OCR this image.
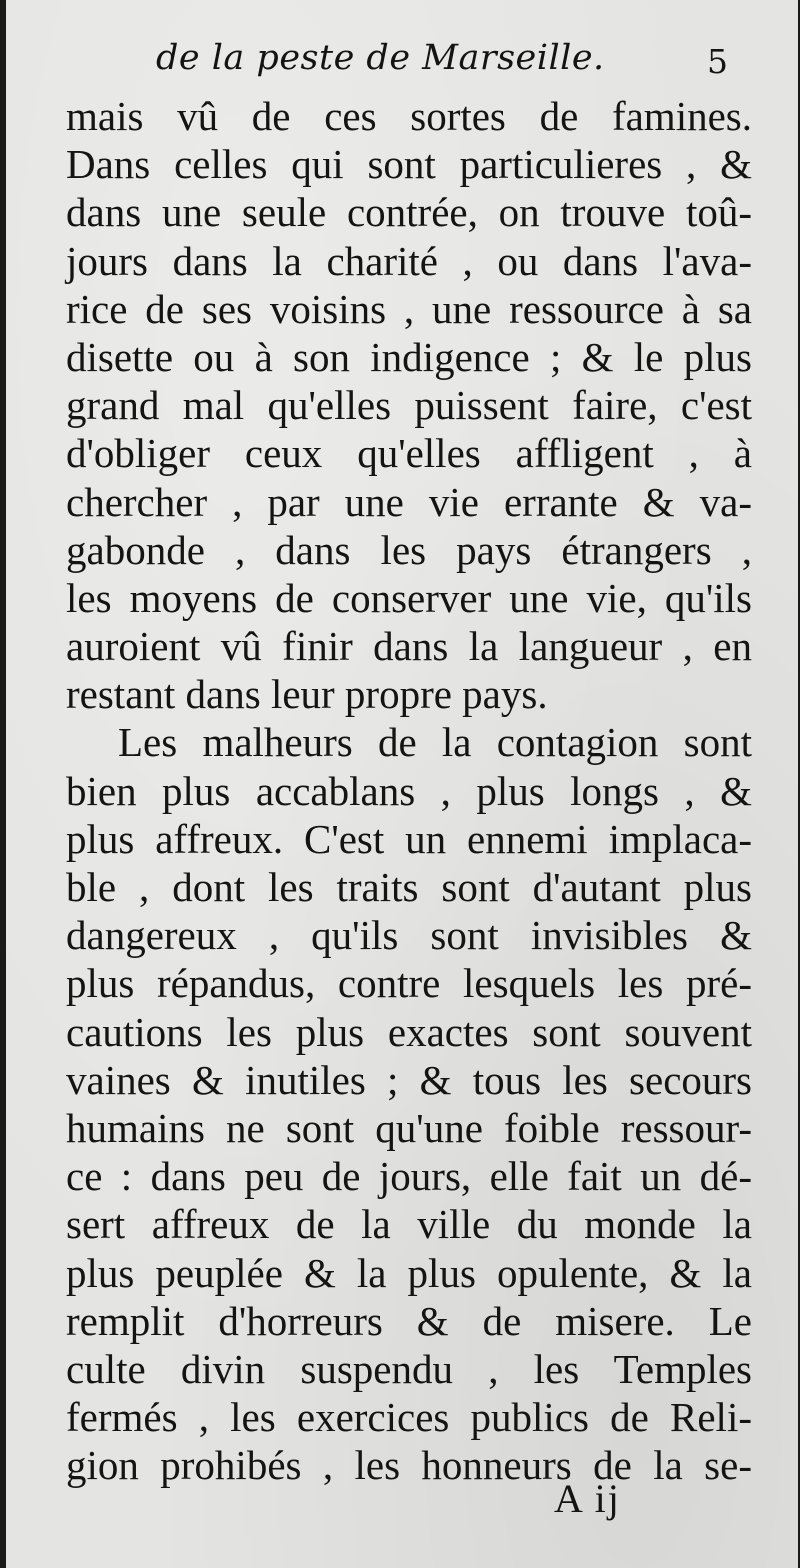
de la peste de Marseille.	5
mais vû de ces sortes de famines.
Dans celles qui sont particulieres , &
dans une seule contrée, on trouve toû-
jours dans la charité , ou dans l'ava-
rice de ses voisins , une ressource à sa
disette ou à son indigence ; & le plus
grand mal qu'elles puissent faire, c'est
d'obliger ceux qu'elles affligent , à
chercher , par une vie errante & va-
gabonde , dans les pays étrangers ,
les moyens de conserver une vie, qu'ils
auroient vû finir dans la langueur , en
restant dans leur propre pays.
Les malheurs de la contagion sont
bien plus accablans , plus longs , &
plus affreux. C'est un ennemi implaca-
ble , dont les traits sont d'autant plus
dangereux , qu'ils sont invisibles &
plus répandus, contre lesquels les pré-
cautions les plus exactes sont souvent
vaines & inutiles ; & tous les secours
humains ne sont qu'une foible ressour-
ce : dans peu de jours, elle fait un dé-
sert affreux de la ville du monde la
plus peuplée & la plus opulente, & la
remplit d'horreurs & de misere. Le
culte divin suspendu , les Temples
fermés , les exercices publics de Reli-
gion prohibés , les honneurs de la se-
A ij
